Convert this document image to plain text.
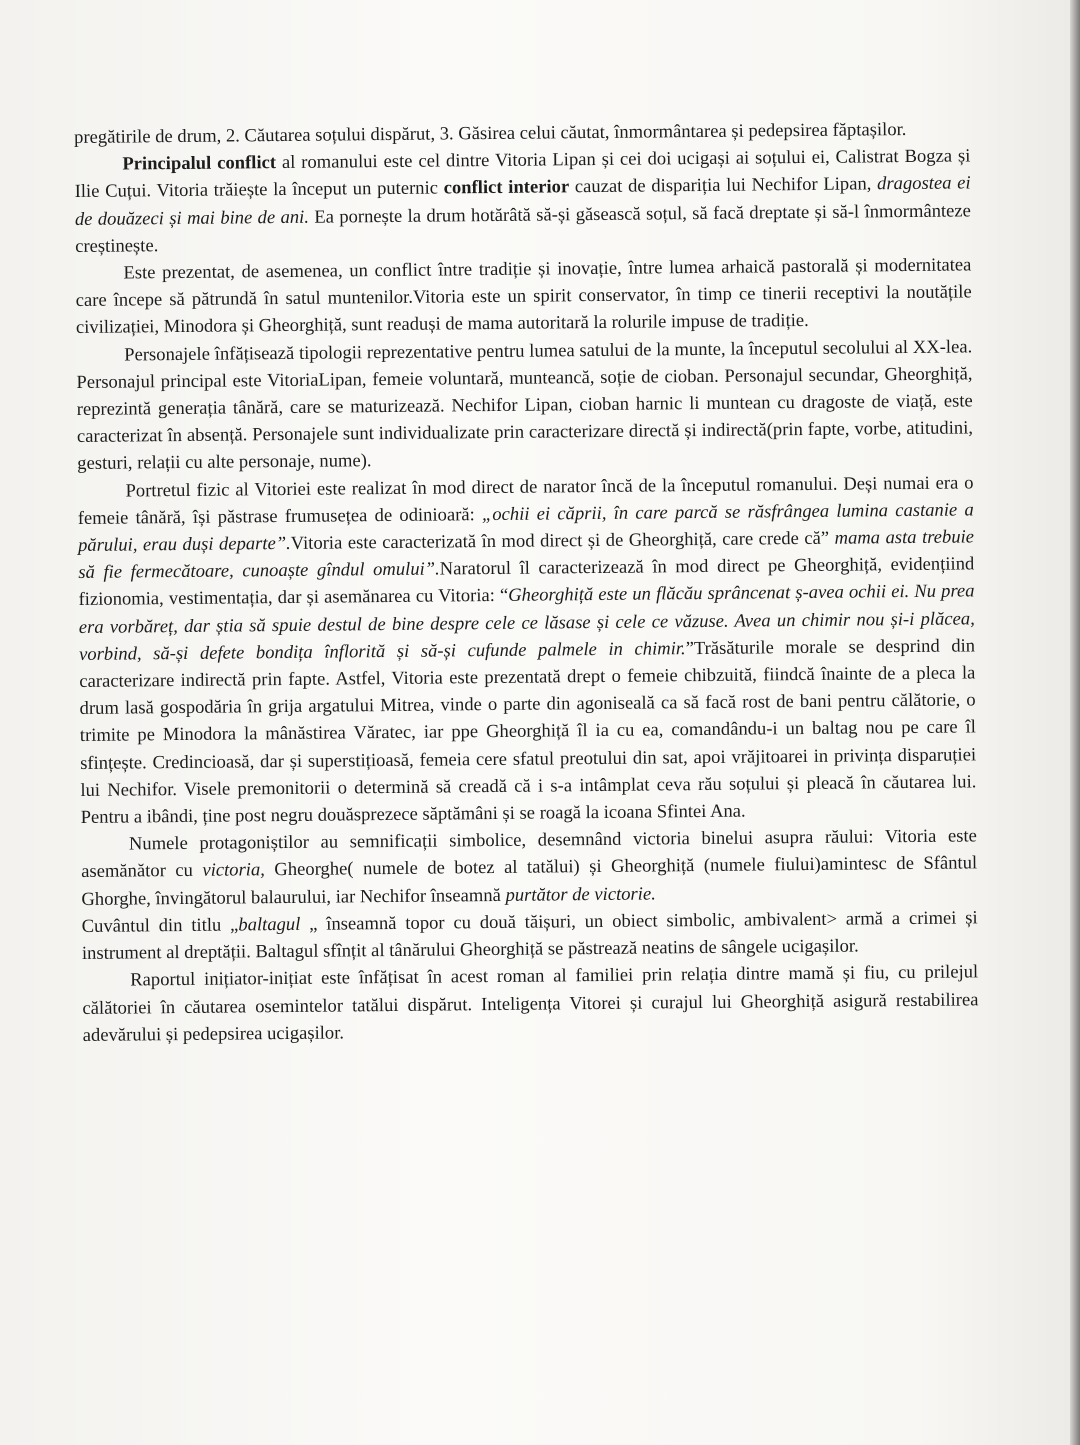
pregătirile de drum, 2. Căutarea soțului dispărut, 3. Găsirea celui căutat, înmormântarea și pedepsirea făptașilor.

Principalul conflict al romanului este cel dintre Vitoria Lipan și cei doi ucigași ai soțului ei, Calistrat Bogza și Ilie Cuțui. Vitoria trăiește la început un puternic conflict interior cauzat de dispariția lui Nechifor Lipan, dragostea ei de douăzeci și mai bine de ani. Ea pornește la drum hotărâtă să-și găsească soțul, să facă dreptate și să-l înmormânteze creștinește.

Este prezentat, de asemenea, un conflict între tradiție și inovație, între lumea arhaică pastorală și modernitatea care începe să pătrundă în satul muntenilor.Vitoria este un spirit conservator, în timp ce tinerii receptivi la noutățile civilizației, Minodora și Gheorghiță, sunt readuși de mama autoritară la rolurile impuse de tradiție.

Personajele înfățisează tipologii reprezentative pentru lumea satului de la munte, la începutul secolului al XX-lea. Personajul principal este VitoriaLipan, femeie voluntară, munteancă, soție de cioban. Personajul secundar, Gheorghiță, reprezintă generația tânără, care se maturizează. Nechifor Lipan, cioban harnic li muntean cu dragoste de viață, este caracterizat în absență. Personajele sunt individualizate prin caracterizare directă și indirectă(prin fapte, vorbe, atitudini, gesturi, relații cu alte personaje, nume).

Portretul fizic al Vitoriei este realizat în mod direct de narator încă de la începutul romanului. Deși numai era o femeie tânără, își păstrase frumusețea de odinioară: „ochii ei căprii, în care parcă se răsfrângea lumina castanie a părului, erau duși departe”.Vitoria este caracterizată în mod direct și de Gheorghiță, care crede că” mama asta trebuie să fie fermecătoare, cunoaște gîndul omului”.Naratorul îl caracterizează în mod direct pe Gheorghiță, evidențiind fizionomia, vestimentația, dar și asemănarea cu Vitoria: “Gheorghiță este un flăcău sprâncenat ș-avea ochii ei. Nu prea era vorbăreț, dar știa să spuie destul de bine despre cele ce lăsase și cele ce văzuse. Avea un chimir nou și-i plăcea, vorbind, să-și defete bondița înflorită și să-și cufunde palmele in chimir.”Trăsăturile morale se desprind din caracterizare indirectă prin fapte. Astfel, Vitoria este prezentată drept o femeie chibzuită, fiindcă înainte de a pleca la drum lasă gospodăria în grija argatului Mitrea, vinde o parte din agoniseală ca să facă rost de bani pentru călătorie, o trimite pe Minodora la mânăstirea Văratec, iar ppe Gheorghiță îl ia cu ea, comandându-i un baltag nou pe care îl sfințește. Credincioasă, dar și superstițioasă, femeia cere sfatul preotului din sat, apoi vrăjitoarei in privința disparuției lui Nechifor. Visele premonitorii o determină să creadă că i s-a intâmplat ceva rău soțului și pleacă în căutarea lui. Pentru a ibândi, ține post negru douăsprezece săptămâni și se roagă la icoana Sfintei Ana.

Numele protagoniștilor au semnificații simbolice, desemnând victoria binelui asupra răului: Vitoria este asemănător cu victoria, Gheorghe( numele de botez al tatălui) și Gheorghiță (numele fiului)amintesc de Sfântul Ghorghe, învingătorul balaurului, iar Nechifor înseamnă purtător de victorie.

Cuvântul din titlu „baltagul „ înseamnă topor cu două tăișuri, un obiect simbolic, ambivalent> armă a crimei și instrument al dreptății. Baltagul sfînțit al tânărului Gheorghiță se păstrează neatins de sângele ucigașilor.

Raportul inițiator-inițiat este înfățisat în acest roman al familiei prin relația dintre mamă și fiu, cu prilejul călătoriei în căutarea osemintelor tatălui dispărut. Inteligența Vitorei și curajul lui Gheorghiță asigură restabilirea adevărului și pedepsirea ucigașilor.
